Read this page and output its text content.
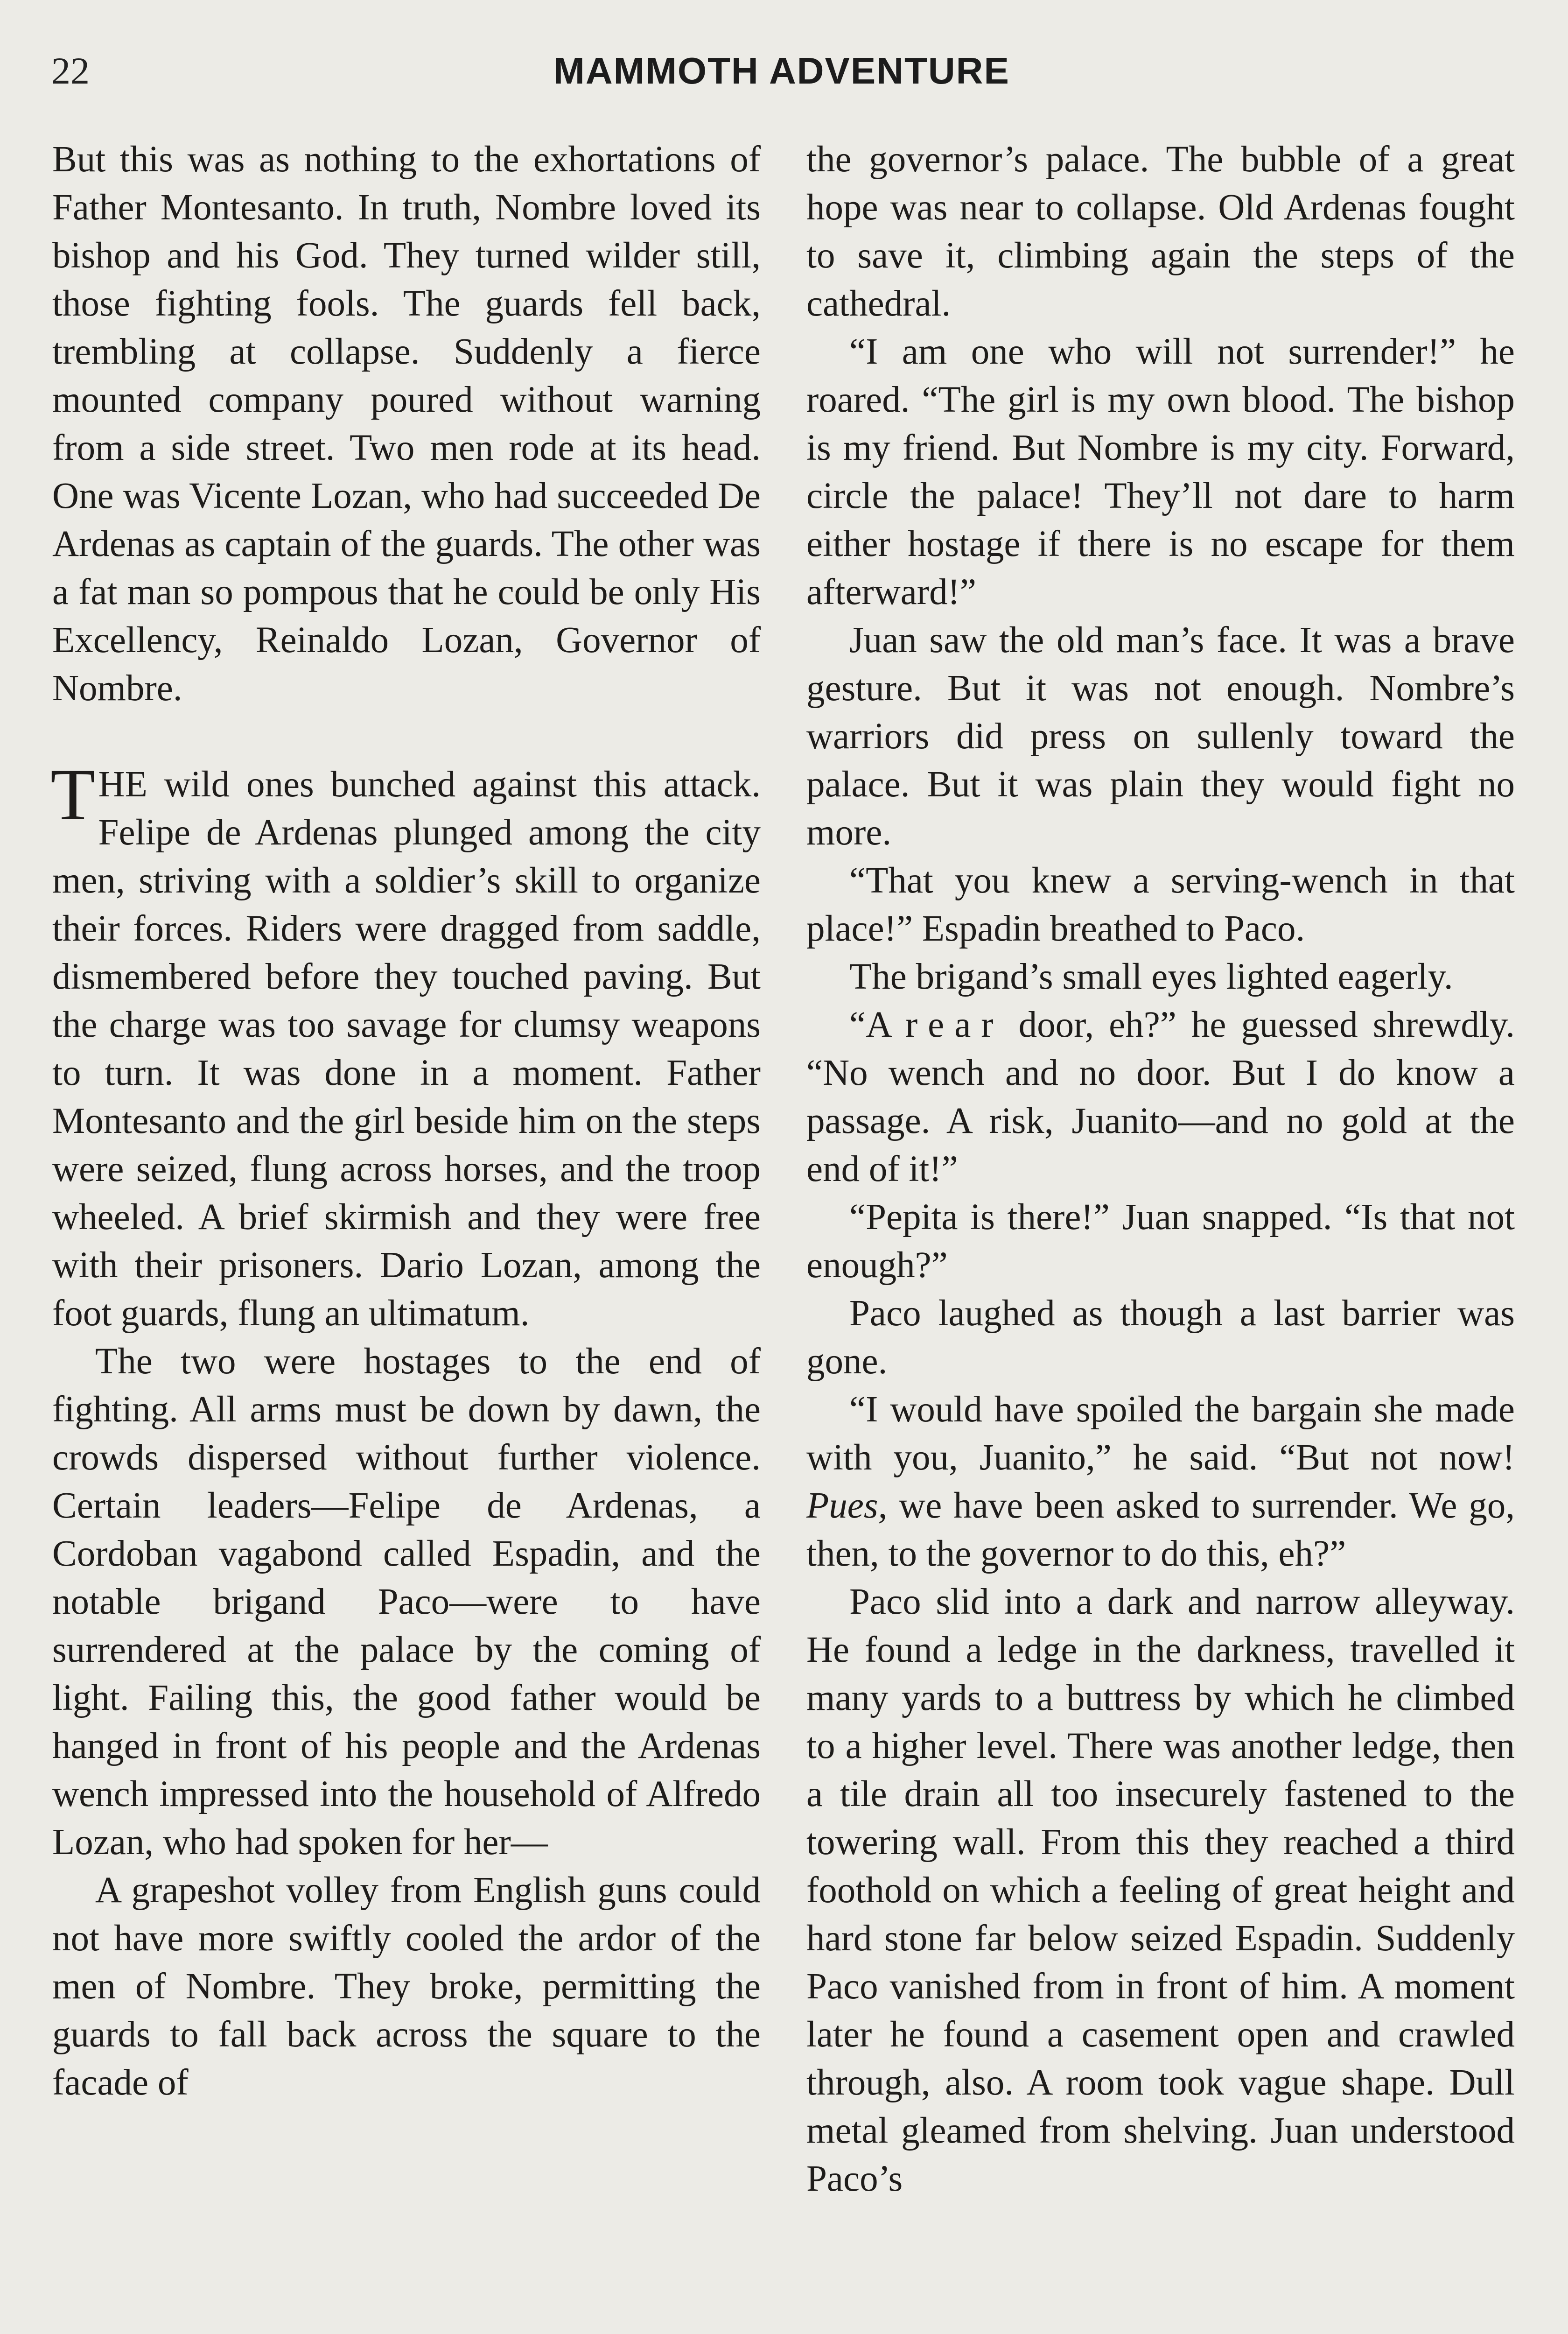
22	MAMMOTH ADVENTURE

But this was as nothing to the exhortations of Father Montesanto. In truth, Nombre loved its bishop and his God. They turned wilder still, those fighting fools. The guards fell back, trembling at collapse. Suddenly a fierce mounted company poured without warning from a side street. Two men rode at its head. One was Vicente Lozan, who had succeeded De Ardenas as captain of the guards. The other was a fat man so pompous that he could be only His Excellency, Reinaldo Lozan, Governor of Nombre.

THE wild ones bunched against this attack. Felipe de Ardenas plunged among the city men, striving with a soldier’s skill to organize their forces. Riders were dragged from saddle, dismembered before they touched paving. But the charge was too savage for clumsy weapons to turn. It was done in a moment. Father Montesanto and the girl beside him on the steps were seized, flung across horses, and the troop wheeled. A brief skirmish and they were free with their prisoners. Dario Lozan, among the foot guards, flung an ultimatum.

The two were hostages to the end of fighting. All arms must be down by dawn, the crowds dispersed without further violence. Certain leaders—Felipe de Ardenas, a Cordoban vagabond called Espadin, and the notable brigand Paco—were to have surrendered at the palace by the coming of light. Failing this, the good father would be hanged in front of his people and the Ardenas wench impressed into the household of Alfredo Lozan, who had spoken for her—

A grapeshot volley from English guns could not have more swiftly cooled the ardor of the men of Nombre. They broke, permitting the guards to fall back across the square to the facade of

the governor’s palace. The bubble of a great hope was near to collapse. Old Ardenas fought to save it, climbing again the steps of the cathedral.

“I am one who will not surrender!” he roared. “The girl is my own blood. The bishop is my friend. But Nombre is my city. Forward, circle the palace! They’ll not dare to harm either hostage if there is no escape for them afterward!”

Juan saw the old man’s face. It was a brave gesture. But it was not enough. Nombre’s warriors did press on sullenly toward the palace. But it was plain they would fight no more.

“That you knew a serving-wench in that place!” Espadin breathed to Paco.

The brigand’s small eyes lighted eagerly.

“A rear door, eh?” he guessed shrewdly. “No wench and no door. But I do know a passage. A risk, Juanito—and no gold at the end of it!”

“Pepita is there!” Juan snapped. “Is that not enough?”

Paco laughed as though a last barrier was gone.

“I would have spoiled the bargain she made with you, Juanito,” he said. “But not now! Pues, we have been asked to surrender. We go, then, to the governor to do this, eh?”

Paco slid into a dark and narrow alleyway. He found a ledge in the darkness, travelled it many yards to a buttress by which he climbed to a higher level. There was another ledge, then a tile drain all too insecurely fastened to the towering wall. From this they reached a third foothold on which a feeling of great height and hard stone far below seized Espadin. Suddenly Paco vanished from in front of him. A moment later he found a casement open and crawled through, also. A room took vague shape. Dull metal gleamed from shelving. Juan understood Paco’s
